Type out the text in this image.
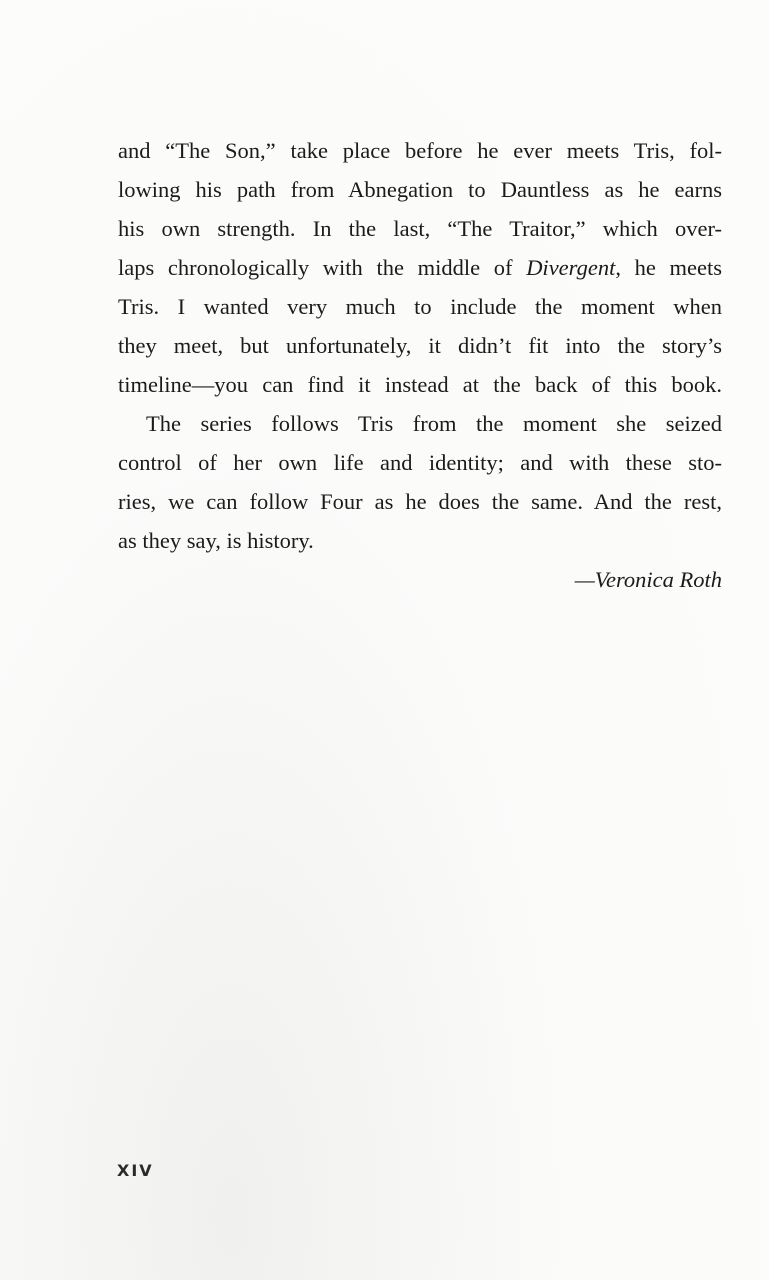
and “The Son,” take place before he ever meets Tris, fol-
lowing his path from Abnegation to Dauntless as he earns
his own strength. In the last, “The Traitor,” which over-
laps chronologically with the middle of Divergent, he meets
Tris. I wanted very much to include the moment when
they meet, but unfortunately, it didn’t fit into the story’s
timeline—you can find it instead at the back of this book.
The series follows Tris from the moment she seized
control of her own life and identity; and with these sto-
ries, we can follow Four as he does the same. And the rest,
as they say, is history.
—Veronica Roth
XIV
